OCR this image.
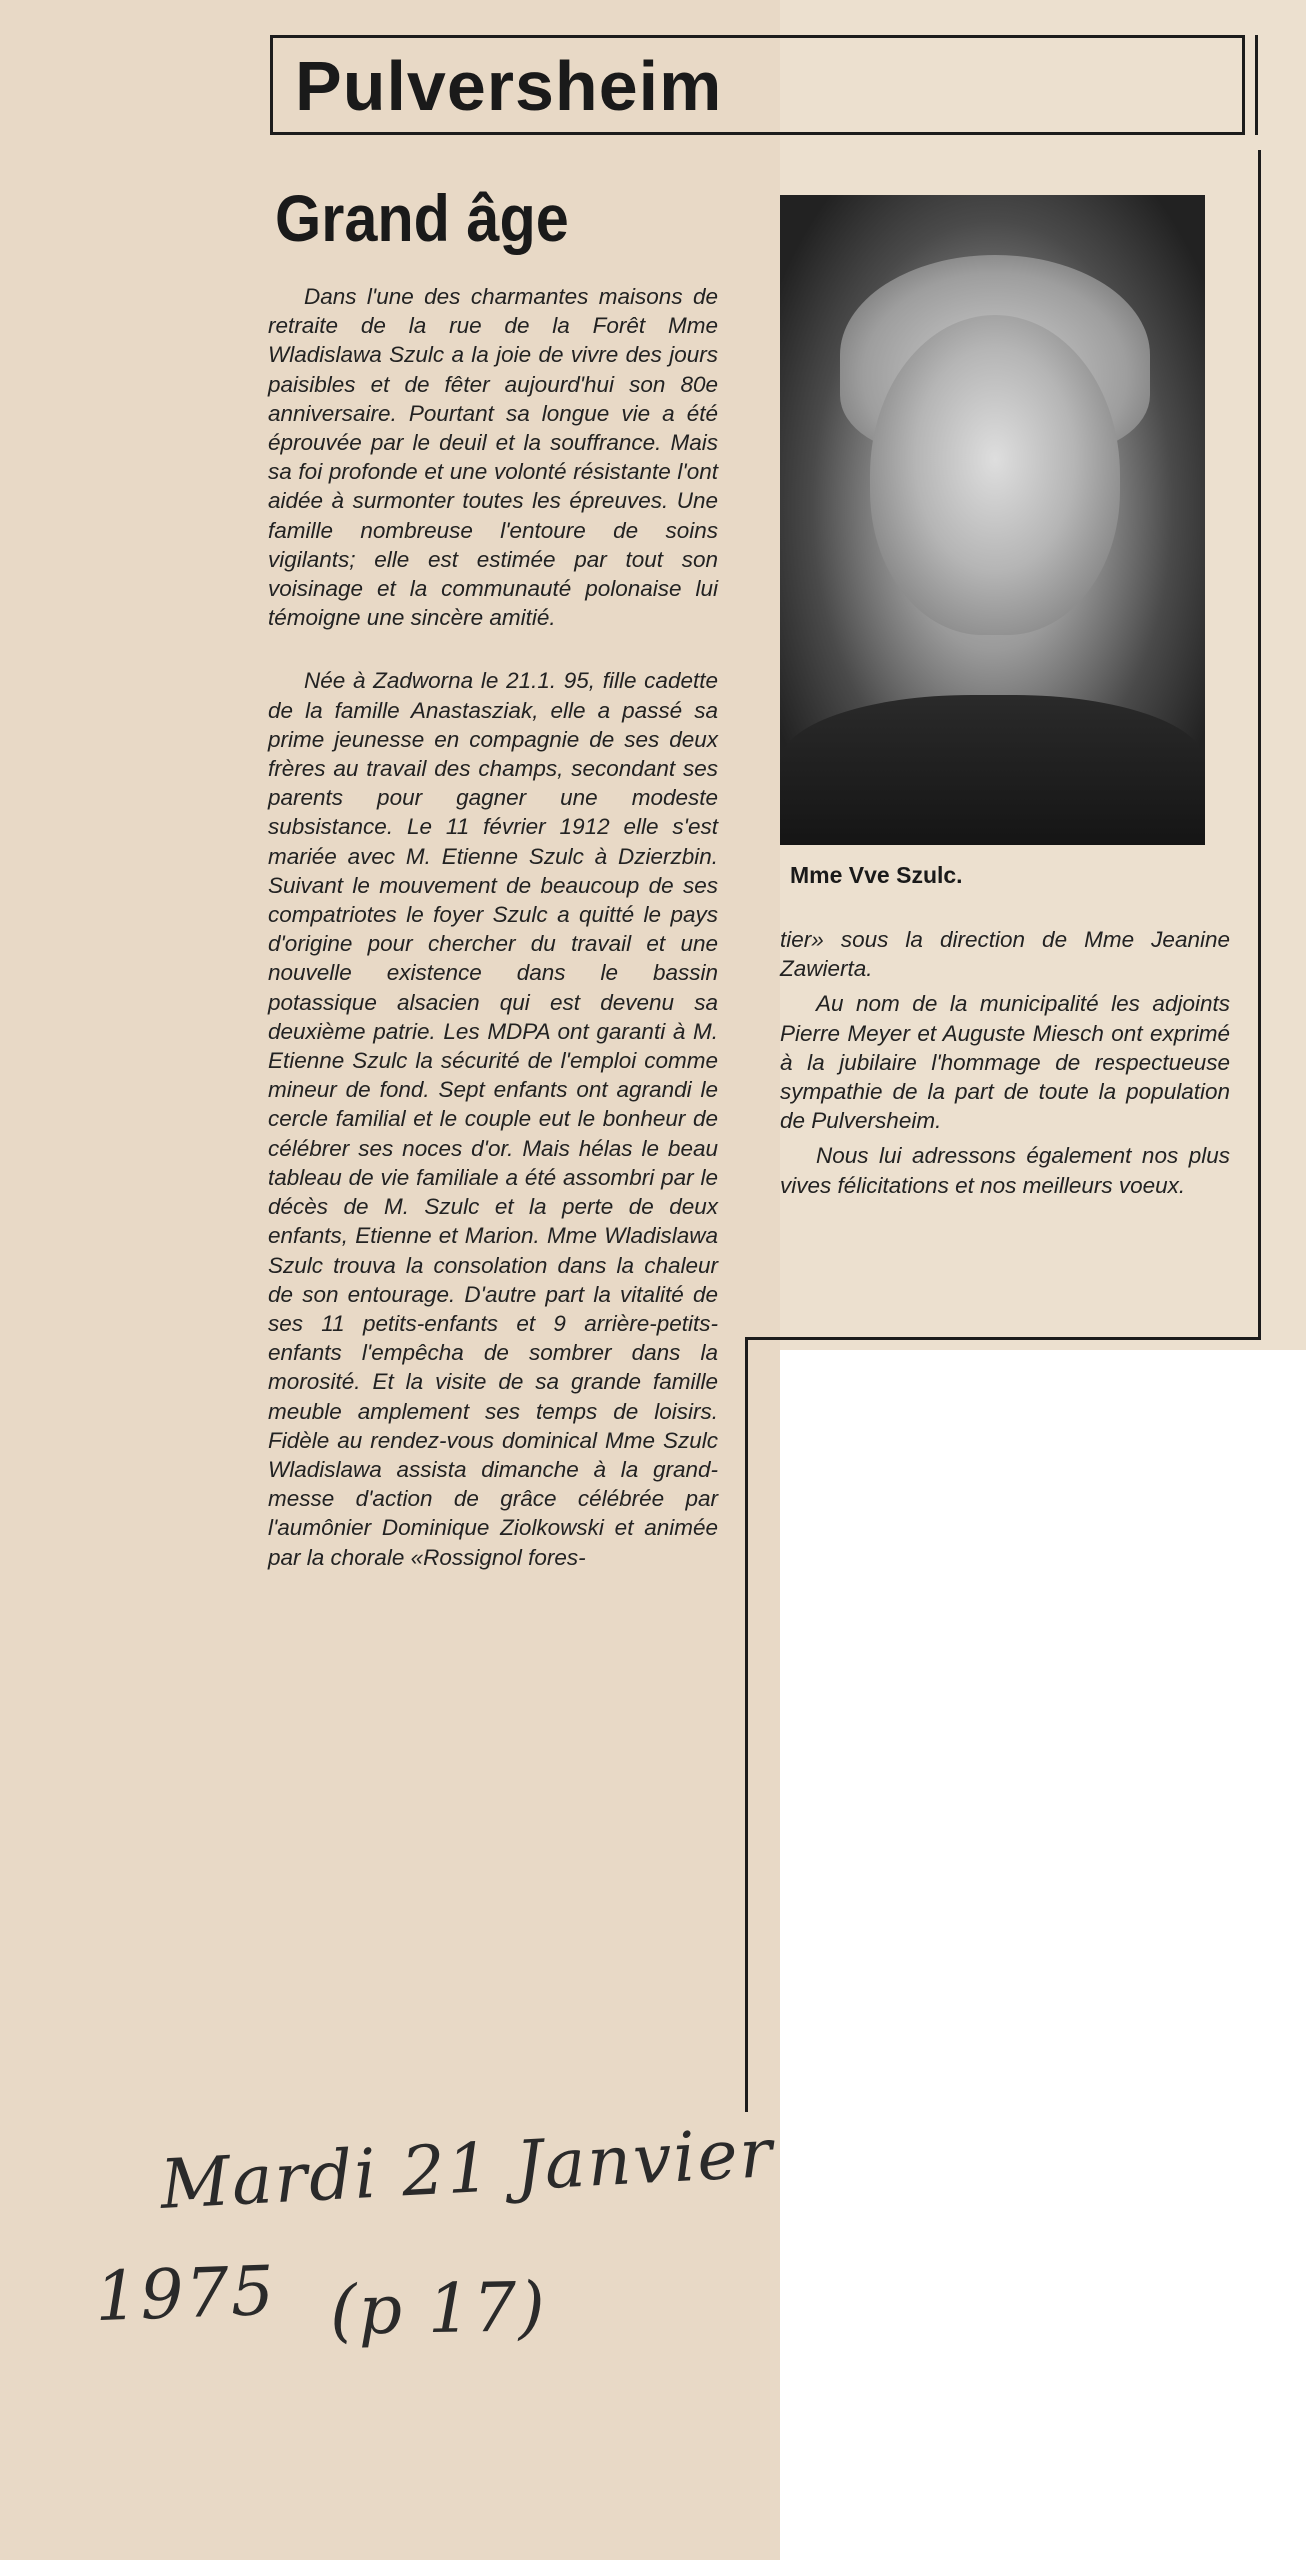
Pulversheim
Grand âge

Dans l'une des charmantes maisons de retraite de la rue de la Forêt Mme Wladislawa Szulc a la joie de vivre des jours paisibles et de fêter aujourd'hui son 80e anniversaire. Pourtant sa longue vie a été éprouvée par le deuil et la souffrance. Mais sa foi profonde et une volonté résistante l'ont aidée à surmonter toutes les épreuves. Une famille nombreuse l'entoure de soins vigilants; elle est estimée par tout son voisinage et la communauté polonaise lui témoigne une sincère amitié.

Née à Zadworna le 21.1. 95, fille cadette de la famille Anastasziak, elle a passé sa prime jeunesse en compagnie de ses deux frères au travail des champs, secondant ses parents pour gagner une modeste subsistance. Le 11 février 1912 elle s'est mariée avec M. Etienne Szulc à Dzierzbin. Suivant le mouvement de beaucoup de ses compatriotes le foyer Szulc a quitté le pays d'origine pour chercher du travail et une nouvelle existence dans le bassin potassique alsacien qui est devenu sa deuxième patrie. Les MDPA ont garanti à M. Etienne Szulc la sécurité de l'emploi comme mineur de fond. Sept enfants ont agrandi le cercle familial et le couple eut le bonheur de célébrer ses noces d'or. Mais hélas le beau tableau de vie familiale a été assombri par le décès de M. Szulc et la perte de deux enfants, Etienne et Marion. Mme Wladislawa Szulc trouva la consolation dans la chaleur de son entourage. D'autre part la vitalité de ses 11 petits-enfants et 9 arrière-petits-enfants l'empêcha de sombrer dans la morosité. Et la visite de sa grande famille meuble amplement ses temps de loisirs. Fidèle au rendez-vous dominical Mme Szulc Wladislawa assista dimanche à la grand-messe d'action de grâce célébrée par l'aumônier Dominique Ziolkowski et animée par la chorale «Rossignol fores-

Mme Vve Szulc.

tier» sous la direction de Mme Jeanine Zawierta.

Au nom de la municipalité les adjoints Pierre Meyer et Auguste Miesch ont exprimé à la jubilaire l'hommage de respectueuse sympathie de la part de toute la population de Pulversheim.

Nous lui adressons également nos plus vives félicitations et nos meilleurs voeux.

Mardi 21 Janvier
1975 (p 17)
